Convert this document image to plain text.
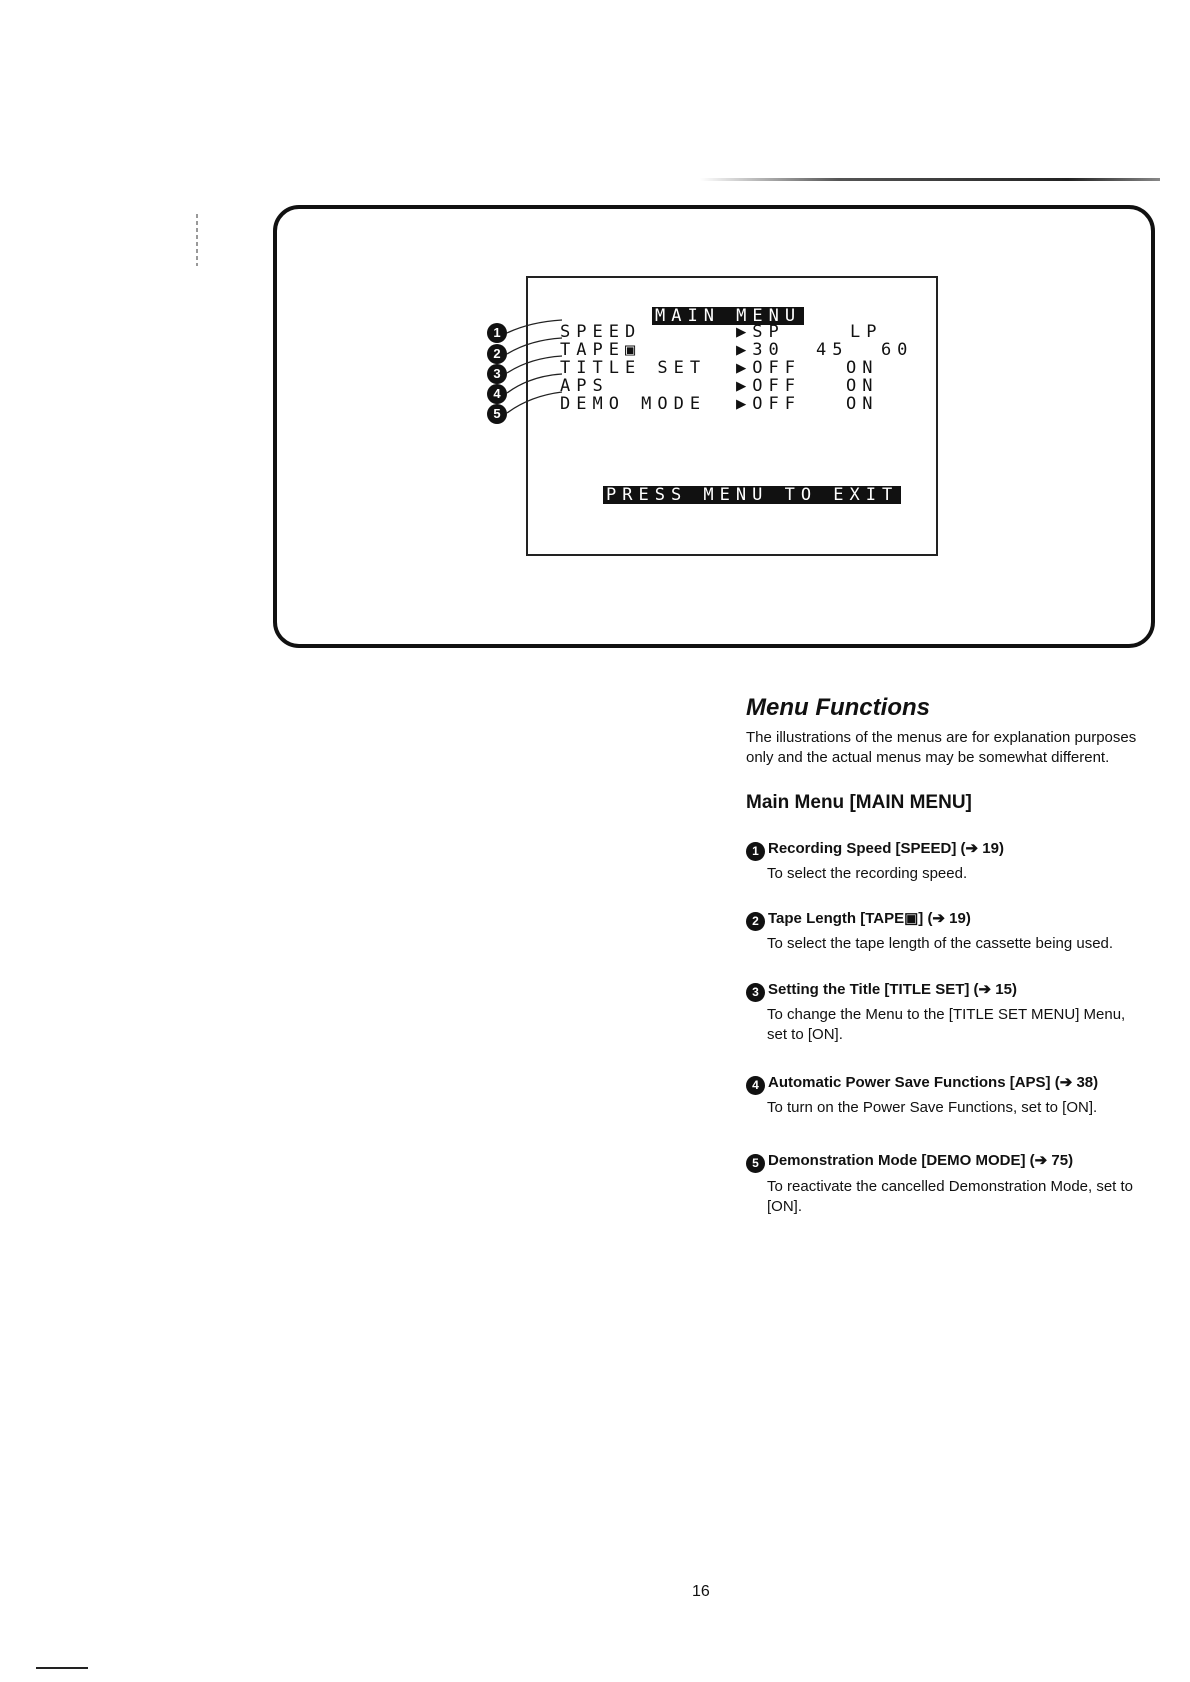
MAIN MENU
SPEED	▶SP	LP
TAPE▣	▶30 45  60
TITLE SET ▶OFF	ON
APS	▶OFF	ON
DEMO MODE ▶OFF	ON
PRESS MENU TO EXIT
1
2
3
4
5
Menu Functions
The illustrations of the menus are for explanation purposes only and the actual menus may be somewhat different.
Main Menu [MAIN MENU]
1 Recording Speed [SPEED] (➔ 19)
To select the recording speed.
2 Tape Length [TAPE▣] (➔ 19)
To select the tape length of the cassette being used.
3 Setting the Title [TITLE SET] (➔ 15)
To change the Menu to the [TITLE SET MENU] Menu, set to [ON].
4 Automatic Power Save Functions [APS] (➔ 38)
To turn on the Power Save Functions, set to [ON].
5 Demonstration Mode [DEMO MODE] (➔ 75)
To reactivate the cancelled Demonstration Mode, set to [ON].
16
